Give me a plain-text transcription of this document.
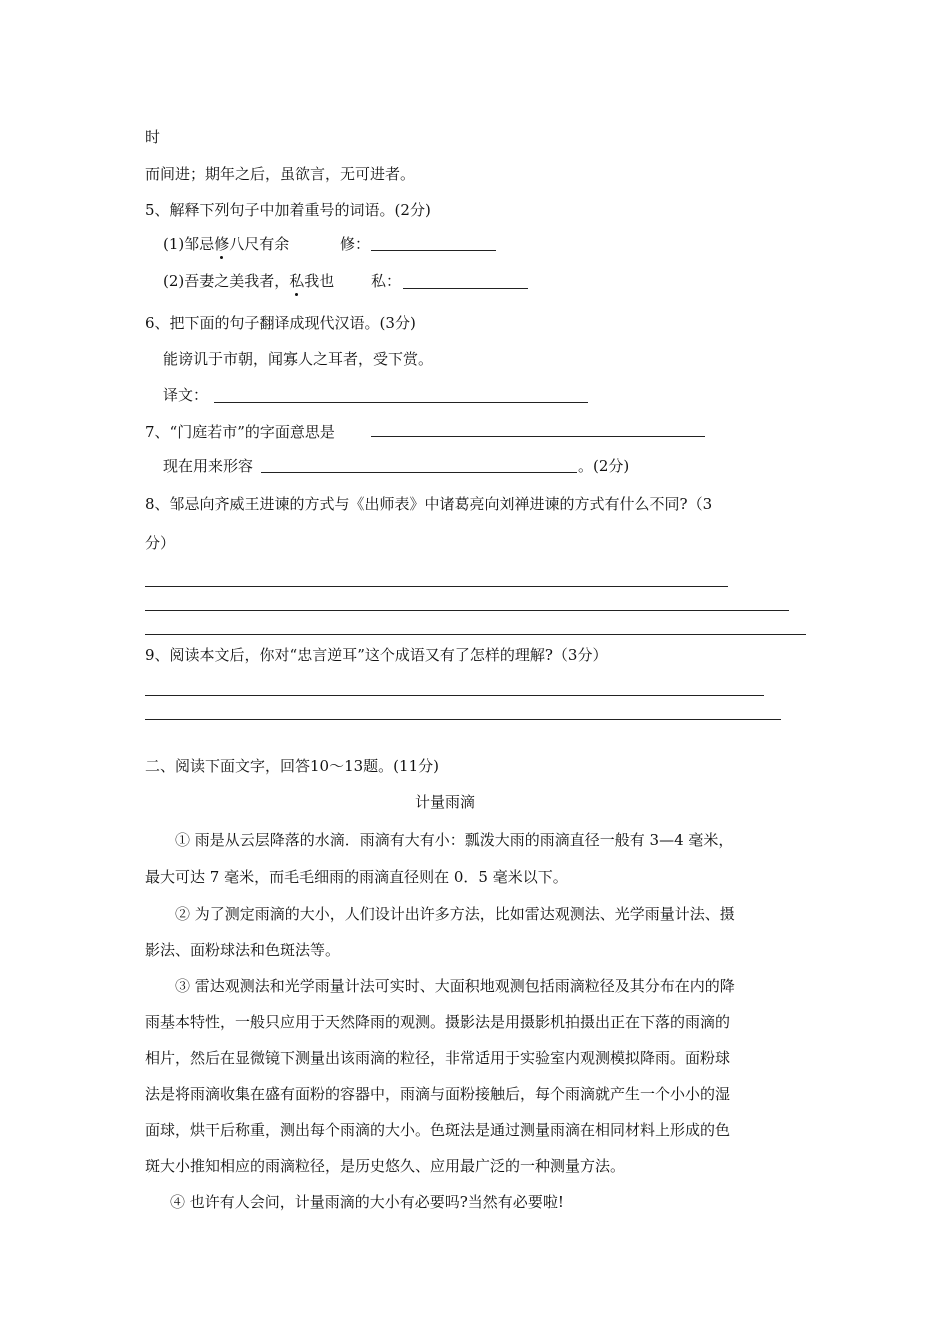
时
而间进；期年之后，虽欲言，无可进者。
5、解释下列句子中加着重号的词语。(2分)
(1)邹忌修八尺有余	修：
(2)吾妻之美我者，私我也 私：
6、把下面的句子翻译成现代汉语。(3分)
能谤讥于市朝，闻寡人之耳者，受下赏。
译文：
7、“门庭若市”的字面意思是
现在用来形容	。(2分)
8、邹忌向齐威王进谏的方式与《出师表》中诸葛亮向刘禅进谏的方式有什么不同?（3
分）
9、阅读本文后，你对“忠言逆耳”这个成语又有了怎样的理解?（3分）
二、阅读下面文字，回答10～13题。(11分)
计量雨滴
① 雨是从云层降落的水滴．雨滴有大有小：瓢泼大雨的雨滴直径一般有 3—4 毫米，
最大可达 7 毫米，而毛毛细雨的雨滴直径则在 0．5 毫米以下。
② 为了测定雨滴的大小，人们设计出许多方法，比如雷达观测法、光学雨量计法、摄
影法、面粉球法和色斑法等。
③ 雷达观测法和光学雨量计法可实时、大面积地观测包括雨滴粒径及其分布在内的降
雨基本特性，一般只应用于天然降雨的观测。摄影法是用摄影机拍摄出正在下落的雨滴的
相片，然后在显微镜下测量出该雨滴的粒径，非常适用于实验室内观测模拟降雨。面粉球
法是将雨滴收集在盛有面粉的容器中，雨滴与面粉接触后，每个雨滴就产生一个小小的湿
面球，烘干后称重，测出每个雨滴的大小。色斑法是通过测量雨滴在相同材料上形成的色
斑大小推知相应的雨滴粒径，是历史悠久、应用最广泛的一种测量方法。
④ 也许有人会问，计量雨滴的大小有必要吗?当然有必要啦!
